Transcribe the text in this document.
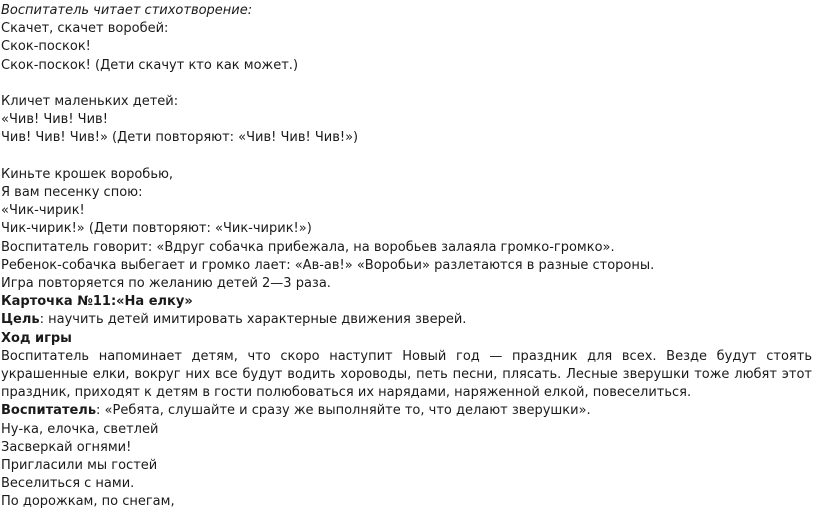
Воспитатель читает стихотворение:
Скачет, скачет воробей:
Скок-поскок!
Скок-поскок! (Дети скачут кто как может.)
Кличет маленьких детей:
«Чив! Чив! Чив!
Чив! Чив! Чив!» (Дети повторяют: «Чив! Чив! Чив!»)
Киньте крошек воробью,
Я вам песенку спою:
«Чик-чирик!
Чик-чирик!» (Дети повторяют: «Чик-чирик!»)
Воспитатель говорит: «Вдруг собачка прибежала, на воробьев залаяла громко-громко».
Ребенок-собачка выбегает и громко лает: «Ав-ав!» «Воробьи» разлетаются в разные стороны.
Игра повторяется по желанию детей 2—3 раза.
Карточка №11:«На елку»
Цель: научить детей имитировать характерные движения зверей.
Ход игры
Воспитатель напоминает детям, что скоро наступит Новый год — праздник для всех. Везде будут стоять украшенные елки, вокруг них все будут водить хороводы, петь песни, плясать. Лесные зверушки тоже любят этот праздник, приходят к детям в гости полюбоваться их нарядами, наряженной елкой, повеселиться.
Воспитатель: «Ребята, слушайте и сразу же выполняйте то, что делают зверушки».
Ну-ка, елочка, светлей
Засверкай огнями!
Пригласили мы гостей
Веселиться с нами.
По дорожкам, по снегам,
